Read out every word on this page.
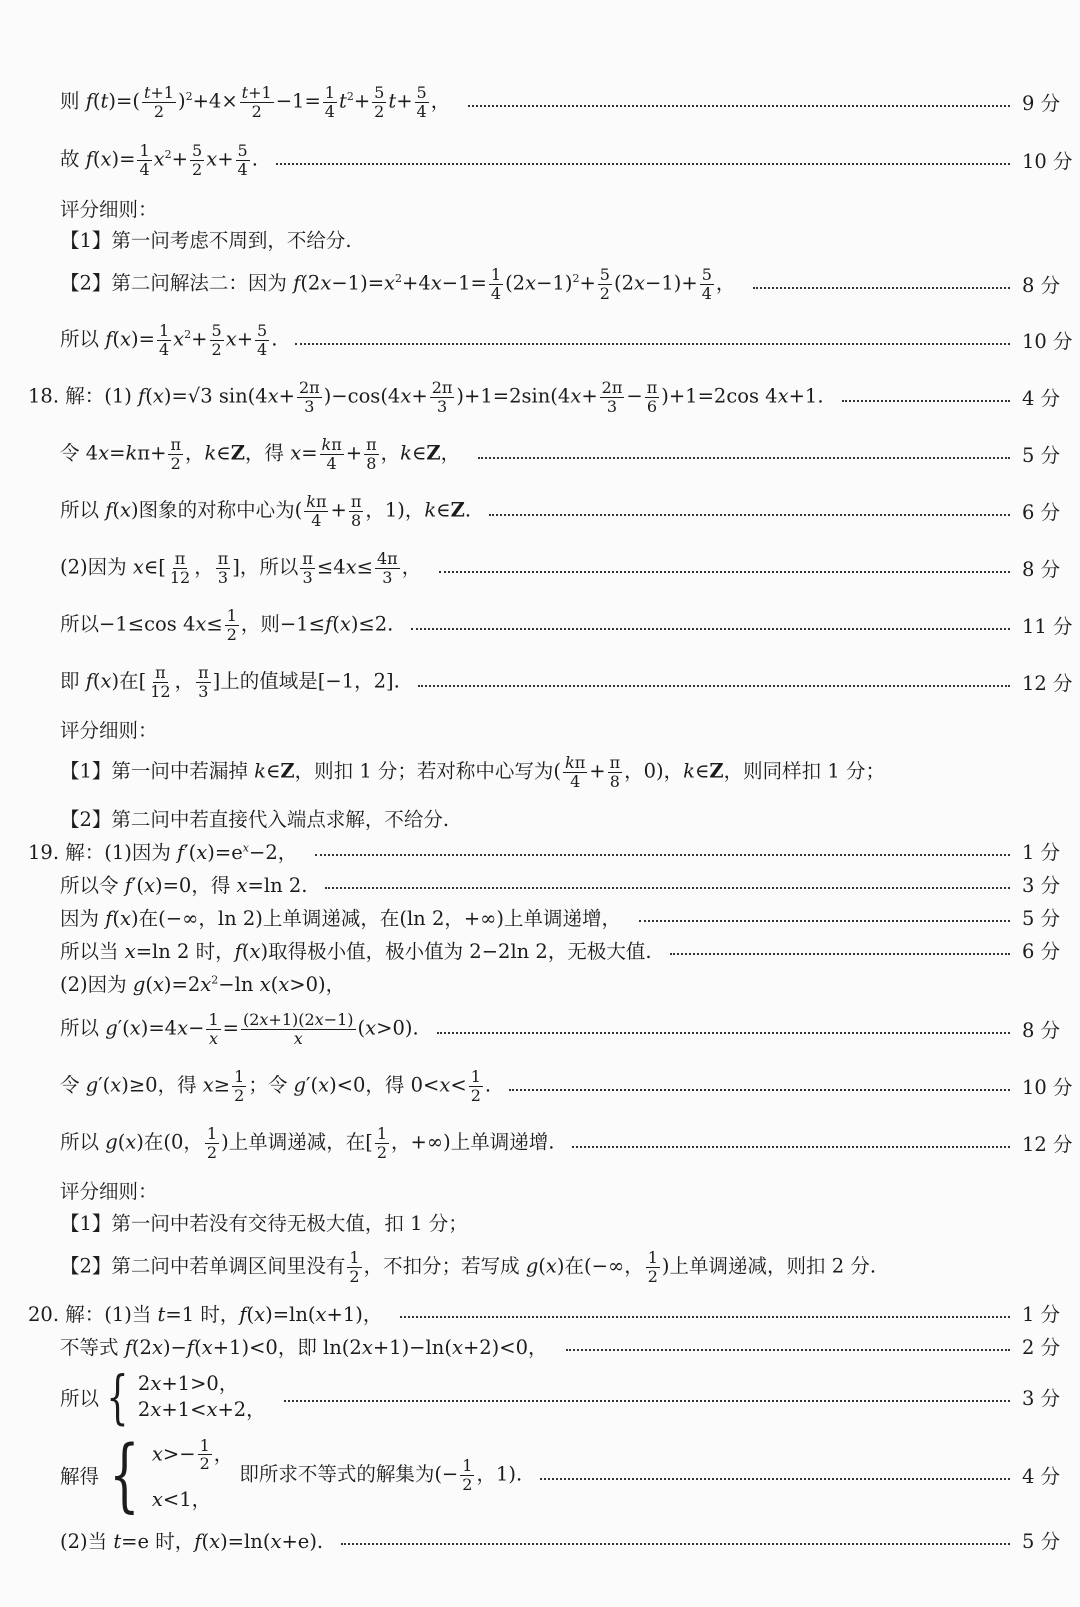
则 $f(t)=( \frac{t+1}{2} )^2+4\times \frac{t+1}{2} -1= \frac{1}{4} t^2+ \frac{5}{2} t+ \frac{5}{4}$ ，	9 分
故 $f(x)= \frac{1}{4} x^2+ \frac{5}{2} x+ \frac{5}{4}$ .	10 分
评分细则：
【1】第一问考虑不周到，不给分.
【2】第二问解法二：因为 $f(2x-1)=x^2+4x-1= \frac{1}{4} (2x-1)^2+ \frac{5}{2} (2x-1)+ \frac{5}{4}$ ，	8 分
所以 $f(x)= \frac{1}{4} x^2+ \frac{5}{2} x+ \frac{5}{4}$ .	10 分
18. 解：(1) f(x)=√3 $\sin(4x+ \frac{2\pi}{3} )-\cos(4x+ \frac{2\pi}{3} )+1=2\sin(4x+ \frac{2\pi}{3} - \frac{\pi}{6} )+1=2\cos$ 4x+1.	4 分
令 $4x=k\pi+ \frac{\pi}{2}$ ，k∈Z，得 $x= \frac{k\pi}{4} + \frac{\pi}{8}$ ，k∈Z，	5 分
所以 f(x)图象的对称中心为( $\frac{k\pi}{4} + \frac{\pi}{8}$ ，1)，k∈Z.	6 分
(2)因为 x∈[ $\frac{\pi}{12}$ ， $\frac{\pi}{3}$ ]，所以 $\frac{\pi}{3} \le 4x\le \frac{4\pi}{3}$ ，	8 分
所以−1≤cos $4x\le \frac{1}{2}$ ，则−1≤f(x)≤2.	11 分
即 f(x)在[ $\frac{\pi}{12}$ ， $\frac{\pi}{3}$ ]上的值域是[−1，2].	12 分
评分细则：
【1】第一问中若漏掉 k∈Z，则扣 1 分；若对称中心写为( $\frac{k\pi}{4} + \frac{\pi}{8}$ ，0)，k∈Z，则同样扣 1 分；
【2】第二问中若直接代入端点求解，不给分.
19. 解：(1)因为 $f'(x)=e^x-2$，	1 分
所以令 f′(x)=0，得 x=ln 2.	3 分
因为 f(x)在(−∞，ln 2)上单调递减，在(ln 2，+∞)上单调递增，	5 分
所以当 x=ln 2 时，f(x)取得极小值，极小值为 2−2ln 2，无极大值.	6 分
(2)因为 $g(x)=2x^2-\ln$ x(x>0)，
所以 $g'(x)=4x- \frac{1}{x} = \frac{(2x+1)(2x-1)}{x} (x>0)$.	8 分
令 g′(x)≥0，得 $x\ge \frac{1}{2}$ ；令 g′(x)<0，得 $0<x< \frac{1}{2}$ .	10 分
所以 g(x)在(0， $\frac{1}{2}$ )上单调递减，在[ $\frac{1}{2}$ ，+∞)上单调递增.	12 分
评分细则：
【1】第一问中若没有交待无极大值，扣 1 分；
【2】第二问中若单调区间里没有 $\frac{1}{2}$ ，不扣分；若写成 g(x)在(−∞， $\frac{1}{2}$ )上单调递减，则扣 2 分.
20. 解：(1)当 t=1 时，f(x)=ln(x+1)，	1 分
不等式 f(2x)−f(x+1)<0，即 ln(2x+1)−ln(x+2)<0，	2 分
所以 { 2x+1>0，
2x+1<x+2，	3 分
解得 { $x>- \frac{1}{2}$ ，
x<1，
即所求不等式的解集为(− $\frac{1}{2}$ ，1).	4 分
(2)当 t=e 时，f(x)=ln(x+e).	5 分
